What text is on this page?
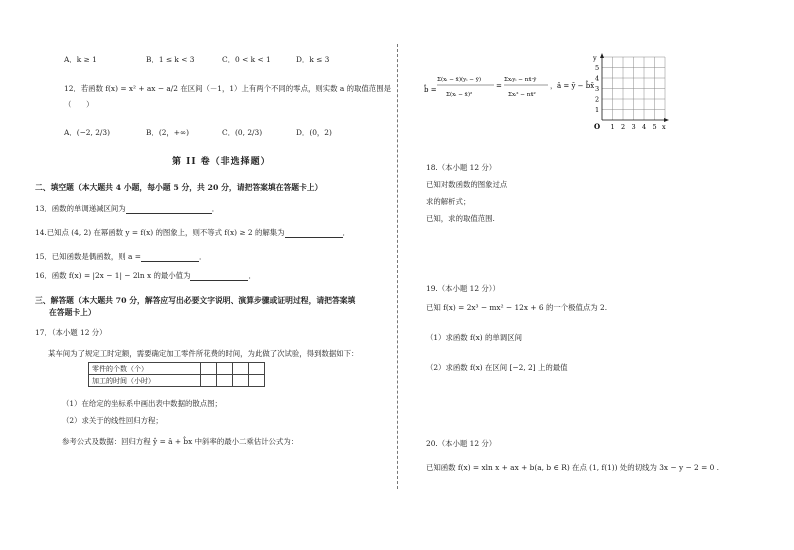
A．k ≥ 1	B．1 ≤ k < 3	C．0 < k < 1	D．k ≤ 3
12．若函数 f(x) = x² + ax − a/2 在区间（－1，1）上有两个不同的零点，则实数 a 的取值范围是
（　　）
A．(−2, 2/3)	B．(2，+∞)	C．(0, 2/3)	D．(0，2)
第 II 卷（非选择题）
二、填空题（本大题共 4 小题，每小题 5 分，共 20 分，请把答案填在答题卡上）
13．函数的单调递减区间为	．
14.已知点 (4, 2) 在幂函数 y = f(x) 的图象上，则不等式 f(x) ≥ 2 的解集为	．
15．已知函数是偶函数，则 a =	．
16．函数 f(x) = |2x − 1| − 2ln x 的最小值为	．
三、解答题（本大题共 70 分，解答应写出必要文字说明、演算步骤或证明过程，请把答案填
在答题卡上）
17．（本小题 12 分）
某车间为了规定工时定额，需要确定加工零件所花费的时间，为此做了次试验，得到数据如下：
零件的个数（个）				
加工的时间（小时）				
（1）在给定的坐标系中画出表中数据的散点图；
（2）求关于的线性回归方程；
参考公式及数据：回归方程 ŷ = â + b̂x 中斜率的最小二乘估计公式为：
b̂ =
Σ(xᵢ − x̄)(yᵢ − ȳ)
Σ(xᵢ − x̄)²
=
Σxᵢyᵢ − nx̄·ȳ
Σxᵢ² − nx̄²
，â = ȳ − b̂x̄
y
x
O 1 2 3 4 5
1
2
3
4
5
18.（本小题 12 分）
已知对数函数的图象过点
求的解析式；
已知，求的取值范围.
19.（本小题 12 分））
已知 f(x) = 2x³ − mx² − 12x + 6 的一个极值点为 2.
（1）求函数 f(x) 的单调区间
（2）求函数 f(x) 在区间 [−2, 2] 上的最值
20.（本小题 12 分）
已知函数 f(x) = xln x + ax + b(a, b ∈ R) 在点 (1, f(1)) 处的切线为 3x − y − 2 = 0 .
